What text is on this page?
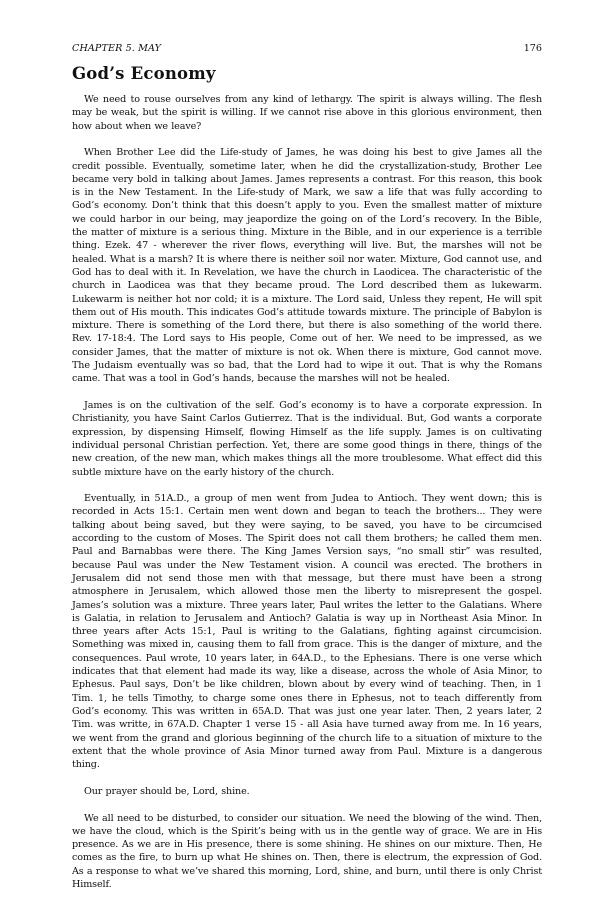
CHAPTER 5. MAY	176
God’s Economy

We need to rouse ourselves from any kind of lethargy. The spirit is always willing. The flesh may be weak, but the spirit is willing. If we cannot rise above in this glorious environment, then how about when we leave?

When Brother Lee did the Life-study of James, he was doing his best to give James all the credit possible. Eventually, sometime later, when he did the crystallization-study, Brother Lee became very bold in talking about James. James represents a contrast. For this reason, this book is in the New Testament. In the Life-study of Mark, we saw a life that was fully according to God’s economy. Don’t think that this doesn’t apply to you. Even the smallest matter of mixture we could harbor in our being, may jeapordize the going on of the Lord’s recovery. In the Bible, the matter of mixture is a serious thing. Mixture in the Bible, and in our experience is a terrible thing. Ezek. 47 - wherever the river flows, everything will live. But, the marshes will not be healed. What is a marsh? It is where there is neither soil nor water. Mixture, God cannot use, and God has to deal with it. In Revelation, we have the church in Laodicea. The characteristic of the church in Laodicea was that they became proud. The Lord described them as lukewarm. Lukewarm is neither hot nor cold; it is a mixture. The Lord said, Unless they repent, He will spit them out of His mouth. This indicates God’s attitude towards mixture. The principle of Babylon is mixture. There is something of the Lord there, but there is also something of the world there. Rev. 17-18:4. The Lord says to His people, Come out of her. We need to be impressed, as we consider James, that the matter of mixture is not ok. When there is mixture, God cannot move. The Judaism eventually was so bad, that the Lord had to wipe it out. That is why the Romans came. That was a tool in God’s hands, because the marshes will not be healed.

James is on the cultivation of the self. God’s economy is to have a corporate expression. In Christianity, you have Saint Carlos Gutierrez. That is the individual. But, God wants a corporate expression, by dispensing Himself, flowing Himself as the life supply. James is on cultivating individual personal Christian perfection. Yet, there are some good things in there, things of the new creation, of the new man, which makes things all the more troublesome. What effect did this subtle mixture have on the early history of the church.

Eventually, in 51A.D., a group of men went from Judea to Antioch. They went down; this is recorded in Acts 15:1. Certain men went down and began to teach the brothers... They were talking about being saved, but they were saying, to be saved, you have to be circumcised according to the custom of Moses. The Spirit does not call them brothers; he called them men. Paul and Barnabbas were there. The King James Version says, “no small stir” was resulted, because Paul was under the New Testament vision. A council was erected. The brothers in Jerusalem did not send those men with that message, but there must have been a strong atmosphere in Jerusalem, which allowed those men the liberty to misrepresent the gospel. James’s solution was a mixture. Three years later, Paul writes the letter to the Galatians. Where is Galatia, in relation to Jerusalem and Antioch? Galatia is way up in Northeast Asia Minor. In three years after Acts 15:1, Paul is writing to the Galatians, fighting against circumcision. Something was mixed in, causing them to fall from grace. This is the danger of mixture, and the consequences. Paul wrote, 10 years later, in 64A.D., to the Ephesians. There is one verse which indicates that that element had made its way, like a disease, across the whole of Asia Minor, to Ephesus. Paul says, Don’t be like children, blown about by every wind of teaching. Then, in 1 Tim. 1, he tells Timothy, to charge some ones there in Ephesus, not to teach differently from God’s economy. This was written in 65A.D. That was just one year later. Then, 2 years later, 2 Tim. was writte, in 67A.D. Chapter 1 verse 15 - all Asia have turned away from me. In 16 years, we went from the grand and glorious beginning of the church life to a situation of mixture to the extent that the whole province of Asia Minor turned away from Paul. Mixture is a dangerous thing.

Our prayer should be, Lord, shine.

We all need to be disturbed, to consider our situation. We need the blowing of the wind. Then, we have the cloud, which is the Spirit’s being with us in the gentle way of grace. We are in His presence. As we are in His presence, there is some shining. He shines on our mixture. Then, He comes as the fire, to burn up what He shines on. Then, there is electrum, the expression of God. As a response to what we’ve shared this morning, Lord, shine, and burn, until there is only Christ Himself.
